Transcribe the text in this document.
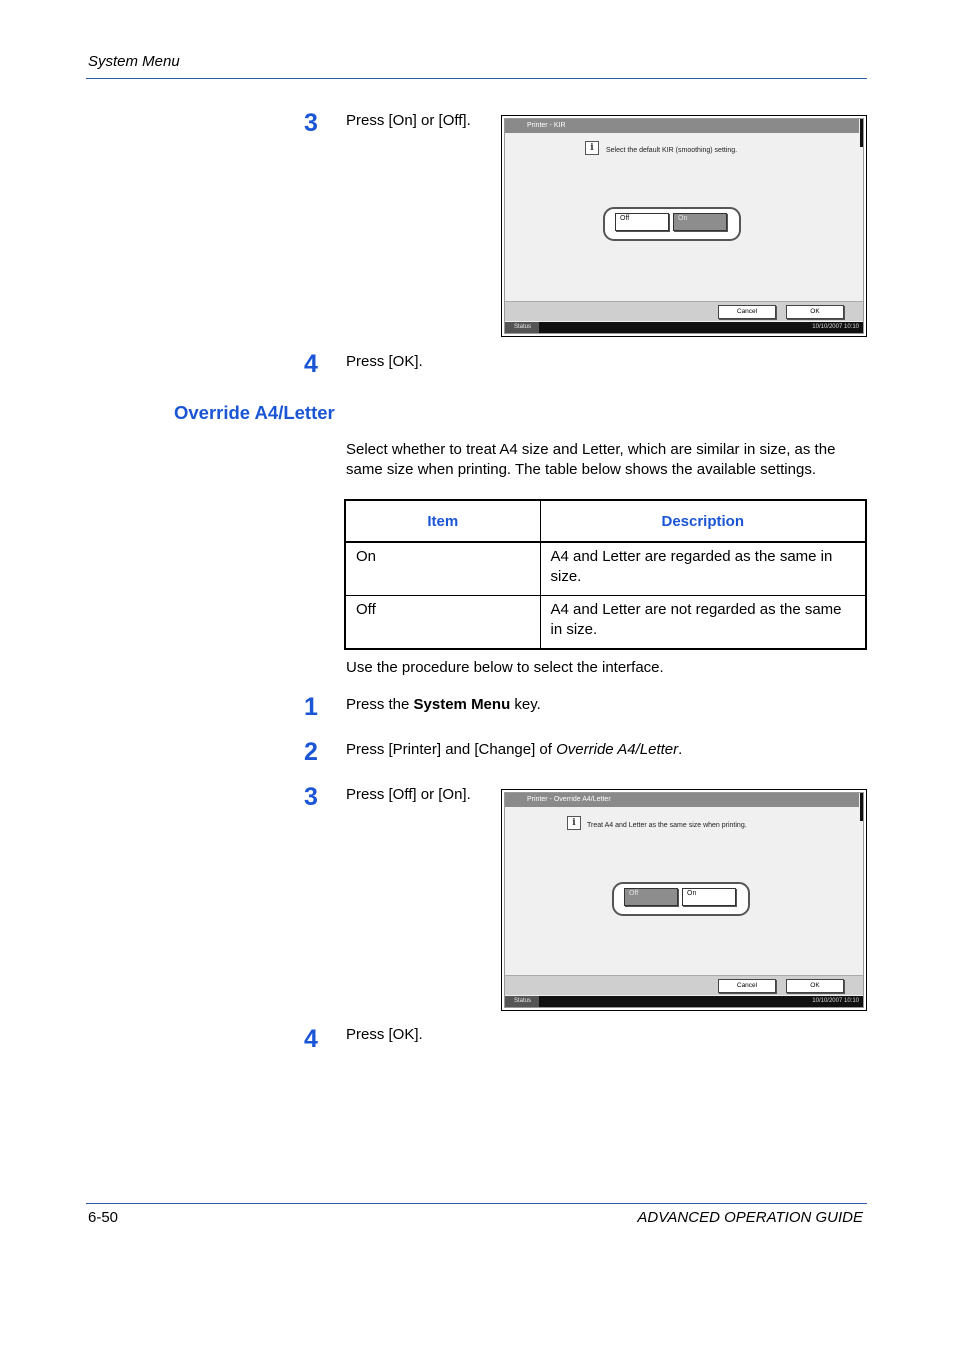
System Menu
3	Press [On] or [Off].	Printer - KIR
i	Select the default KIR (smoothing) setting.
Off	On
Cancel	OK
Status	10/10/2007 10:10
4	Press [OK].
Override A4/Letter
Select whether to treat A4 size and Letter, which are similar in size, as the same size when printing. The table below shows the available settings.
Item	Description
On	A4 and Letter are regarded as the same in size.
Off	A4 and Letter are not regarded as the same in size.
Use the procedure below to select the interface.
1	Press the System Menu key.
2	Press [Printer] and [Change] of Override A4/Letter.
3	Press [Off] or [On].	Printer - Override A4/Letter
i	Treat A4 and Letter as the same size when printing.
Off	On
Cancel	OK
Status	10/10/2007 10:10
4	Press [OK].
6-50	ADVANCED OPERATION GUIDE
